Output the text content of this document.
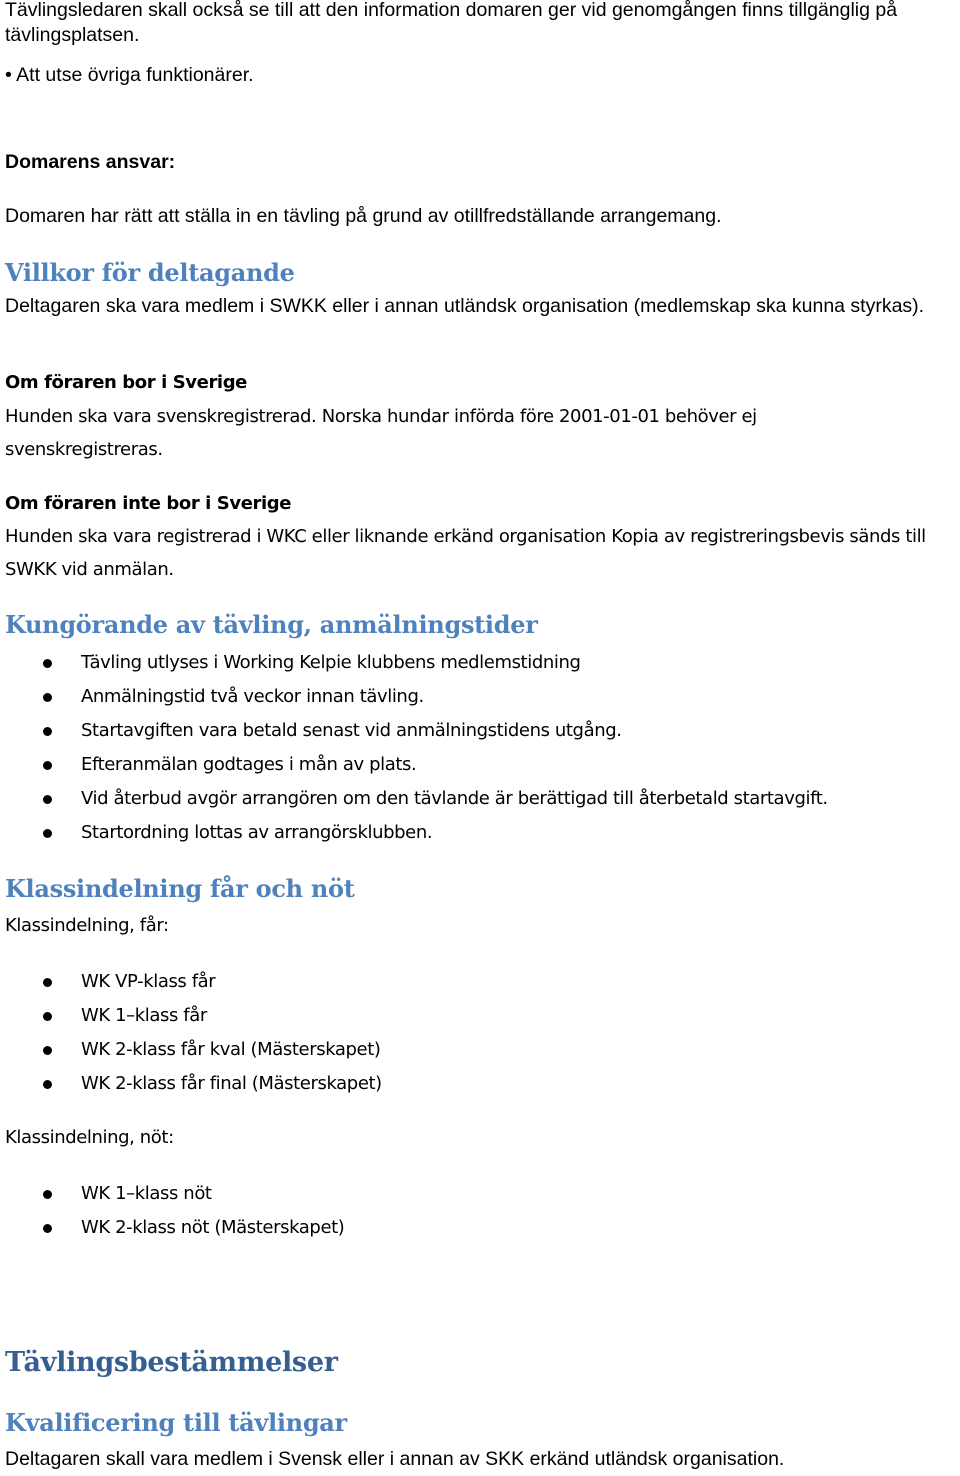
Tävlingsledaren skall också se till att den information domaren ger vid genomgången finns tillgänglig på tävlingsplatsen.

• Att utse övriga funktionärer.

Domarens ansvar:

Domaren har rätt att ställa in en tävling på grund av otillfredställande arrangemang.

Villkor för deltagande

Deltagaren ska vara medlem i SWKK eller i annan utländsk organisation (medlemskap ska kunna styrkas).

Om föraren bor i Sverige

Hunden ska vara svenskregistrerad. Norska hundar införda före 2001-01-01 behöver ej svenskregistreras.

Om föraren inte bor i Sverige

Hunden ska vara registrerad i WKC eller liknande erkänd organisation Kopia av registreringsbevis sänds till SWKK vid anmälan.

Kungörande av tävling, anmälningstider
Tävling utlyses i Working Kelpie klubbens medlemstidning
Anmälningstid två veckor innan tävling.
Startavgiften vara betald senast vid anmälningstidens utgång.
Efteranmälan godtages i mån av plats.
Vid återbud avgör arrangören om den tävlande är berättigad till återbetald startavgift.
Startordning lottas av arrangörsklubben.
Klassindelning får och nöt

Klassindelning, får:

WK VP-klass får
WK 1–klass får
WK 2-klass får kval (Mästerskapet)
WK 2-klass får final (Mästerskapet)

Klassindelning, nöt:

WK 1–klass nöt
WK 2-klass nöt (Mästerskapet)
Tävlingsbestämmelser
Kvalificering till tävlingar

Deltagaren skall vara medlem i Svensk eller i annan av SKK erkänd utländsk organisation.
